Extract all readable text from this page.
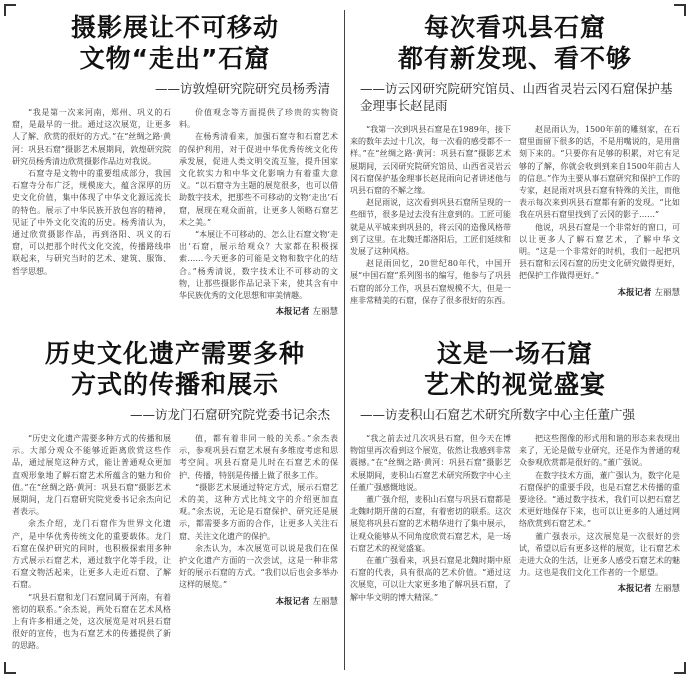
摄影展让不可移动
文物“走出”石窟
——访敦煌研究院研究员杨秀清

“我是第一次来河南，郑州、巩义的石窟，是最早的一批。通过这次展览，让更多人了解、欣赏的很好的方式。”在“丝绸之路·黄河：巩县石窟”摄影艺术展期间，敦煌研究院研究员杨秀清边欣赏摄影作品边对我说。

石窟寺是文物中的重要组成部分，我国石窟寺分布广泛，规模庞大，蕴含深厚的历史文化价值，集中体现了中华文化源远流长的特色。展示了中华民族开放包容的精神，见证了中外文化交流的历史。杨秀清认为，通过欣赏摄影作品，再到洛阳、巩义的石窟，可以把那个时代文化交流，传播路线串联起来，与研究当时的艺术、建筑、服饰、哲学思想。

价值观念等方面提供了珍贵的实物资料。

在杨秀清看来，加强石窟寺和石窟艺术的保护利用，对于促进中华优秀传统文化传承发展，促进人类文明交流互鉴，提升国家文化软实力和中华文化影响力有着重大意义。“以石窟寺为主题的展览很多，也可以借助数字技术，把那些不可移动的文物‘走出’石窟，展现在观众面前，让更多人领略石窟艺术之美。”

“本展让不可移动的、怎么让石窟文物‘走出’石窟，展示给观众？大家都在积极探索……今天更多的可能是文物和数字化的结合。”杨秀清说，数字技术让不可移动的文物，让那些摄影作品记录下来，使其含有中华民族优秀的文化思想和审美情趣。

本报记者 左丽慧
每次看巩县石窟
都有新发现、看不够
——访云冈研究院研究馆员、山西省灵岩云冈石窟保护基金理事长赵昆雨

“我第一次到巩县石窟是在1989年，接下来的数年去过十几次，每一次看的感受都不一样。”在“丝绸之路·黄河：巩县石窟”摄影艺术展期间，云冈研究院研究馆员、山西省灵岩云冈石窟保护基金理事长赵昆雨向记者讲述他与巩县石窟的不解之缘。

赵昆雨说，这次看到巩县石窟所呈现的一些细节，很多是过去没有注意到的。工匠可能就是从平城来到巩县的，将云冈的造像风格带到了这里。在北魏迁都洛阳后，工匠们延续和发展了这种风格。

赵昆雨回忆，20世纪80年代，中国开展“中国石窟”系列图书的编写，他参与了巩县石窟的部分工作，巩县石窟规模不大，但是一座非常精美的石窟，保存了很多很好的东西。

赵昆雨认为，1500年前的雕刻家，在石窟里面留下很多的话，不是用嘴说的，是用凿刻下来的。“只要你有足够的积累，对它有足够的了解，你就会收到到来自1500年前古人的信息。”作为主要从事石窟研究和保护工作的专家，赵昆雨对巩县石窟有特殊的关注，而他表示每次来到巩县石窟都有新的发现。“比如我在巩县石窟里找到了云冈的影子……”

他说，巩县石窟是一个非常好的窗口，可以让更多人了解石窟艺术，了解中华文明。“这是一个非常好的时机，我们一起把巩县石窟和云冈石窟的历史文化研究做得更好，把保护工作做得更好。”

本报记者 左丽慧
历史文化遗产需要多种
方式的传播和展示
——访龙门石窟研究院党委书记余杰

“历史文化遗产需要多种方式的传播和展示。大部分观众不能够近距离欣赏这些作品，通过展览这种方式，能让普通观众更加直观形象地了解石窟艺术所蕴含的魅力和价值。”在“丝绸之路·黄河：巩县石窟”摄影艺术展期间，龙门石窟研究院党委书记余杰向记者表示。

余杰介绍，龙门石窟作为世界文化遗产，是中华优秀传统文化的重要载体。龙门石窟在保护研究的同时，也积极探索用多种方式展示石窟艺术，通过数字化等手段，让石窟文物活起来，让更多人走近石窟、了解石窟。

“巩县石窟和龙门石窟同属于河南，有着密切的联系。”余杰说，两处石窟在艺术风格上有许多相通之处，这次展览是对巩县石窟很好的宣传，也为石窟艺术的传播提供了新的思路。

值，都有着非同一般的关系。”余杰表示，参观巩县石窟艺术展有多维度考虑和思考空间。巩县石窟是儿时在石窟艺术的保护、传播，特别是传播上做了很多工作。

“摄影艺术展通过特定方式，展示石窟艺术的美，这种方式比纯文字的介绍更加直观。”余杰说，无论是石窟保护、研究还是展示，都需要多方面的合作，让更多人关注石窟、关注文化遗产的保护。

余杰认为，本次展览可以说是我们在保护文化遗产方面的一次尝试，这是一种非常好的展示石窟的方式。“我们以后也会多举办这样的展览。”

本报记者 左丽慧
这是一场石窟
艺术的视觉盛宴
——访麦积山石窟艺术研究所数字中心主任董广强

“我之前去过几次巩县石窟，但今天在博物馆里再次看到这个展览，依然让我感到非常震撼。”在“丝绸之路·黄河：巩县石窟”摄影艺术展期间，麦积山石窟艺术研究所数字中心主任董广强感慨地说。

董广强介绍，麦积山石窟与巩县石窟都是北魏时期开凿的石窟，有着密切的联系。这次展览将巩县石窟的艺术精华进行了集中展示，让观众能够从不同角度欣赏石窟艺术，是一场石窟艺术的视觉盛宴。

在董广强看来，巩县石窟是北魏时期中原石窟的代表，具有很高的艺术价值。“通过这次展览，可以让大家更多地了解巩县石窟，了解中华文明的博大精深。”

把这些图像的形式用和谐的形态来表现出来了，无论是做专业研究，还是作为普通的观众参观欣赏都是很好的。”董广强说。

在数字技术方面，董广强认为，数字化是石窟保护的重要手段，也是石窟艺术传播的重要途径。“通过数字技术，我们可以把石窟艺术更好地保存下来，也可以让更多的人通过网络欣赏到石窟艺术。”

董广强表示，这次展览是一次很好的尝试，希望以后有更多这样的展览，让石窟艺术走进大众的生活，让更多人感受石窟艺术的魅力。这也是我们文化工作者的一个愿望。

本报记者 左丽慧
